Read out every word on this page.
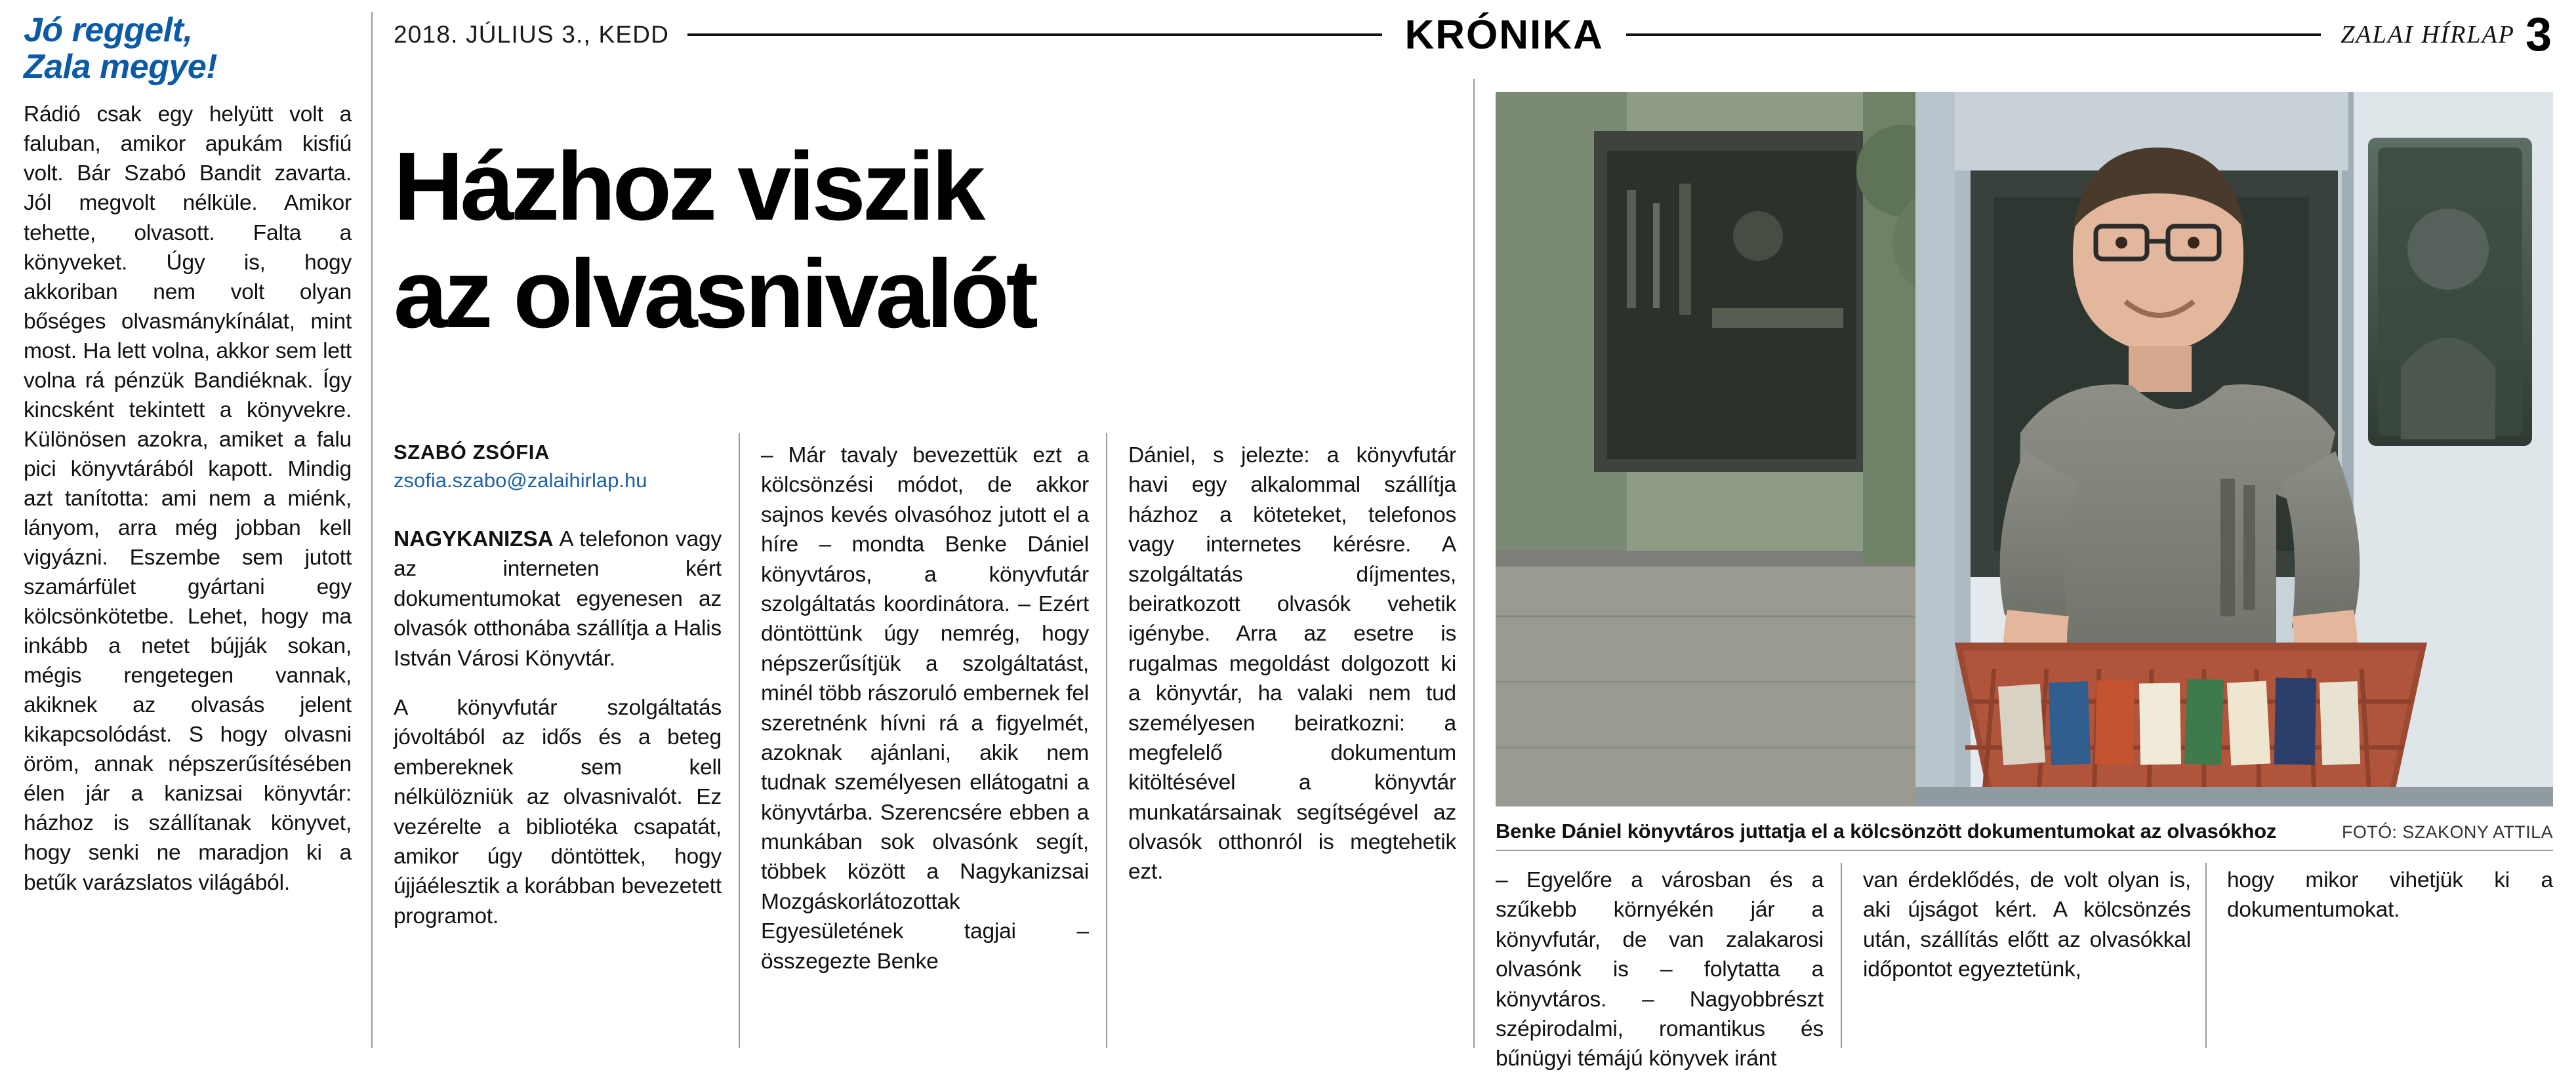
2018. JÚLIUS 3., KEDD	KRÓNIKA	ZALAI HÍRLAP 3
Jó reggelt,
Zala megye!
Rádió csak egy helyütt volt a faluban, amikor apukám kisfiú volt. Bár Szabó Bandit zavarta. Jól megvolt nélküle. Amikor tehette, olvasott. Falta a könyveket. Úgy is, hogy akkoriban nem volt olyan bőséges olvasmánykínálat, mint most. Ha lett volna, akkor sem lett volna rá pénzük Bandiéknak. Így kincsként tekintett a könyvekre. Különösen azokra, amiket a falu pici könyvtárából kapott. Mindig azt tanította: ami nem a miénk, lányom, arra még jobban kell vigyázni. Eszembe sem jutott szamárfület gyártani egy kölcsönkötetbe. Lehet, hogy ma inkább a netet bújják sokan, mégis rengetegen vannak, akiknek az olvasás jelent kikapcsolódást. S hogy olvasni öröm, annak népszerűsítésében élen jár a kanizsai könyvtár: házhoz is szállítanak könyvet, hogy senki ne maradjon ki a betűk varázslatos világából.
Házhoz viszik
az olvasnivalót
SZABÓ ZSÓFIA
zsofia.szabo@zalaihirlap.hu

NAGYKANIZSA A telefonon vagy az interneten kért dokumentumokat egyenesen az olvasók otthonába szállítja a Halis István Városi Könyvtár.

A könyvfutár szolgáltatás jóvoltából az idős és a beteg embereknek sem kell nélkülözniük az olvasnivalót. Ez vezérelte a bibliotéka csapatát, amikor úgy döntöttek, hogy újjáélesztik a korábban bevezetett programot.

– Már tavaly bevezettük ezt a kölcsönzési módot, de akkor sajnos kevés olvasóhoz jutott el a híre – mondta Benke Dániel könyvtáros, a könyvfutár szolgáltatás koordinátora. – Ezért döntöttünk úgy nemrég, hogy népszerűsítjük a szolgáltatást, minél több rászoruló embernek fel szeretnénk hívni rá a figyelmét, azoknak ajánlani, akik nem tudnak személyesen ellátogatni a könyvtárba. Szerencsére ebben a munkában sok olvasónk segít, többek között a Nagykanizsai Mozgáskorlátozottak Egyesületének tagjai – összegezte Benke

Dániel, s jelezte: a könyvfutár havi egy alkalommal szállítja házhoz a köteteket, telefonos vagy internetes kérésre. A szolgáltatás díjmentes, beiratkozott olvasók vehetik igénybe. Arra az esetre is rugalmas megoldást dolgozott ki a könyvtár, ha valaki nem tud személyesen beiratkozni: a megfelelő dokumentum kitöltésével a könyvtár munkatársainak segítségével az olvasók otthonról is megtehetik ezt.

Benke Dániel könyvtáros juttatja el a kölcsönzött dokumentumokat az olvasókhoz	FOTÓ: SZAKONY ATTILA

– Egyelőre a városban és a szűkebb környékén jár a könyvfutár, de van zalakarosi olvasónk is – folytatta a könyvtáros. – Nagyobbrészt szépirodalmi, romantikus és bűnügyi témájú könyvek iránt

van érdeklődés, de volt olyan is, aki újságot kért. A kölcsönzés után, szállítás előtt az olvasókkal időpontot egyeztetünk,

hogy mikor vihetjük ki a dokumentumokat.
